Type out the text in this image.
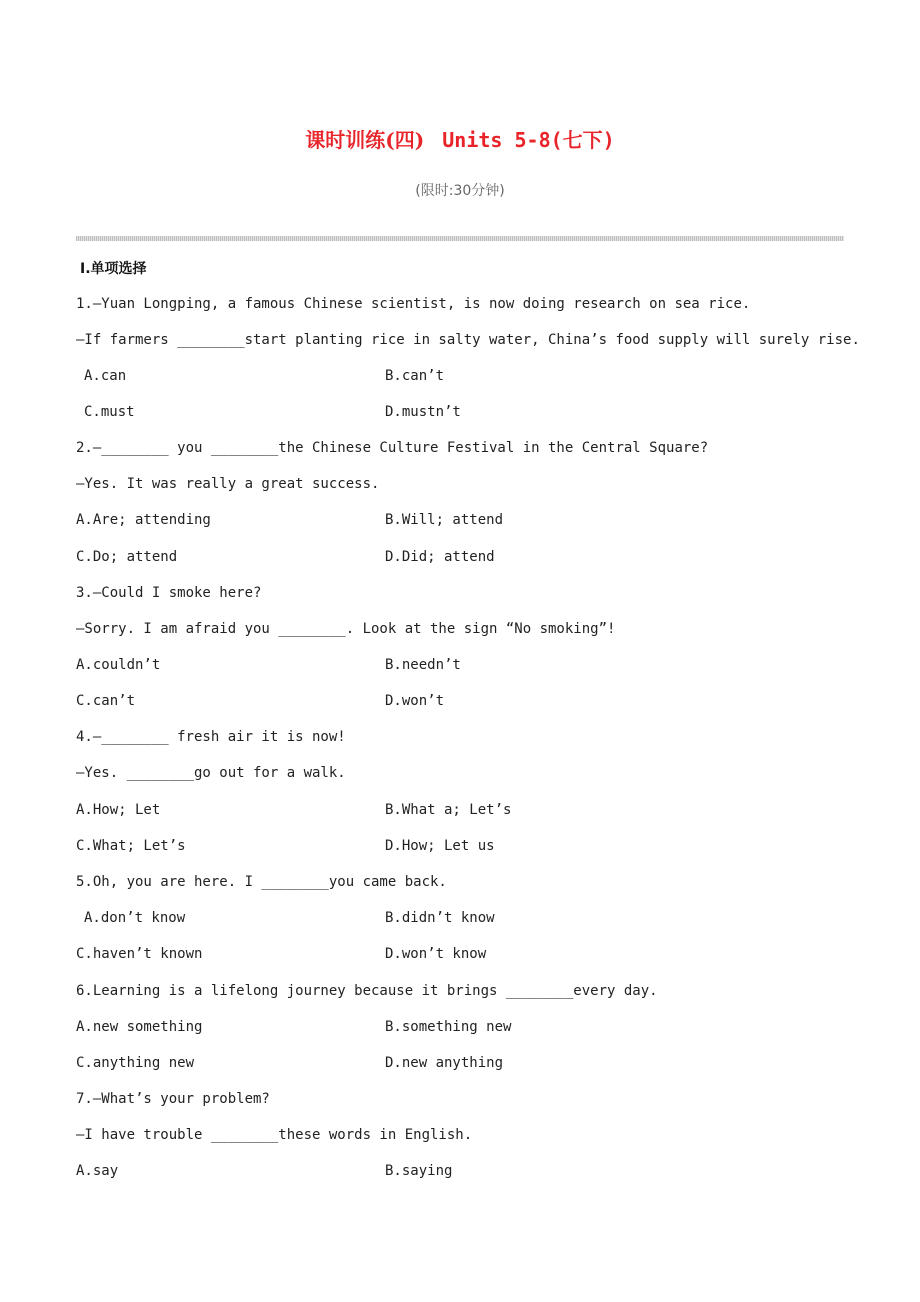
课时训练(四) Units 5-8(七下)
(限时:30分钟)
Ⅰ.单项选择
1.—Yuan Longping, a famous Chinese scientist, is now doing research on sea rice.
—If farmers ________start planting rice in salty water, China’s food supply will surely rise.
A.can	B.can’t
C.must	D.mustn’t
2.—________ you ________the Chinese Culture Festival in the Central Square?
—Yes. It was really a great success.
A.Are; attending	B.Will; attend
C.Do; attend	D.Did; attend
3.—Could I smoke here?
—Sorry. I am afraid you ________. Look at the sign “No smoking”!
A.couldn’t	B.needn’t
C.can’t	D.won’t
4.—________ fresh air it is now!
—Yes. ________go out for a walk.
A.How; Let	B.What a; Let’s
C.What; Let’s	D.How; Let us
5.Oh, you are here. I ________you came back.
A.don’t know	B.didn’t know
C.haven’t known	D.won’t know
6.Learning is a lifelong journey because it brings ________every day.
A.new something	B.something new
C.anything new	D.new anything
7.—What’s your problem?
—I have trouble ________these words in English.
A.say	B.saying
